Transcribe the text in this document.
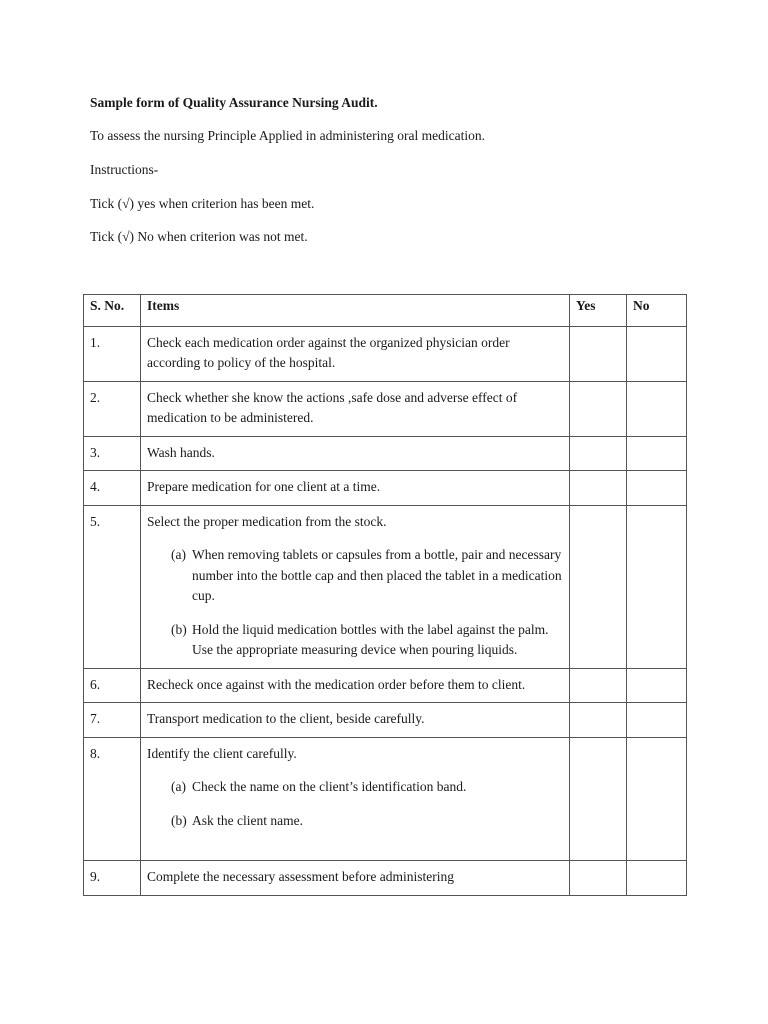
Sample form of Quality Assurance Nursing Audit.
To assess the nursing Principle Applied in administering oral medication.
Instructions-
Tick (√) yes when criterion has been met.
Tick (√) No when criterion was not met.
S. No.	Items	Yes	No
1.	Check each medication order against the organized physician order according to policy of the hospital.		
2.	Check whether she know the actions ,safe dose and adverse effect of medication to be administered.		
3.	Wash hands.		
4.	Prepare medication for one client at a time.		
5.	Select the proper medication from the stock.
(a) When removing tablets or capsules from a bottle, pair and necessary number into the bottle cap and then placed the tablet in a medication cup.
(b) Hold the liquid medication bottles with the label against the palm. Use the appropriate measuring device when pouring liquids.		

6.	Recheck once against with the medication order before them to client.		
7.	Transport medication to the client, beside carefully.		
8.	Identify the client carefully.
(a) Check the name on the client’s identification band.
(b) Ask the client name.		

9.	Complete the necessary assessment before administering		
